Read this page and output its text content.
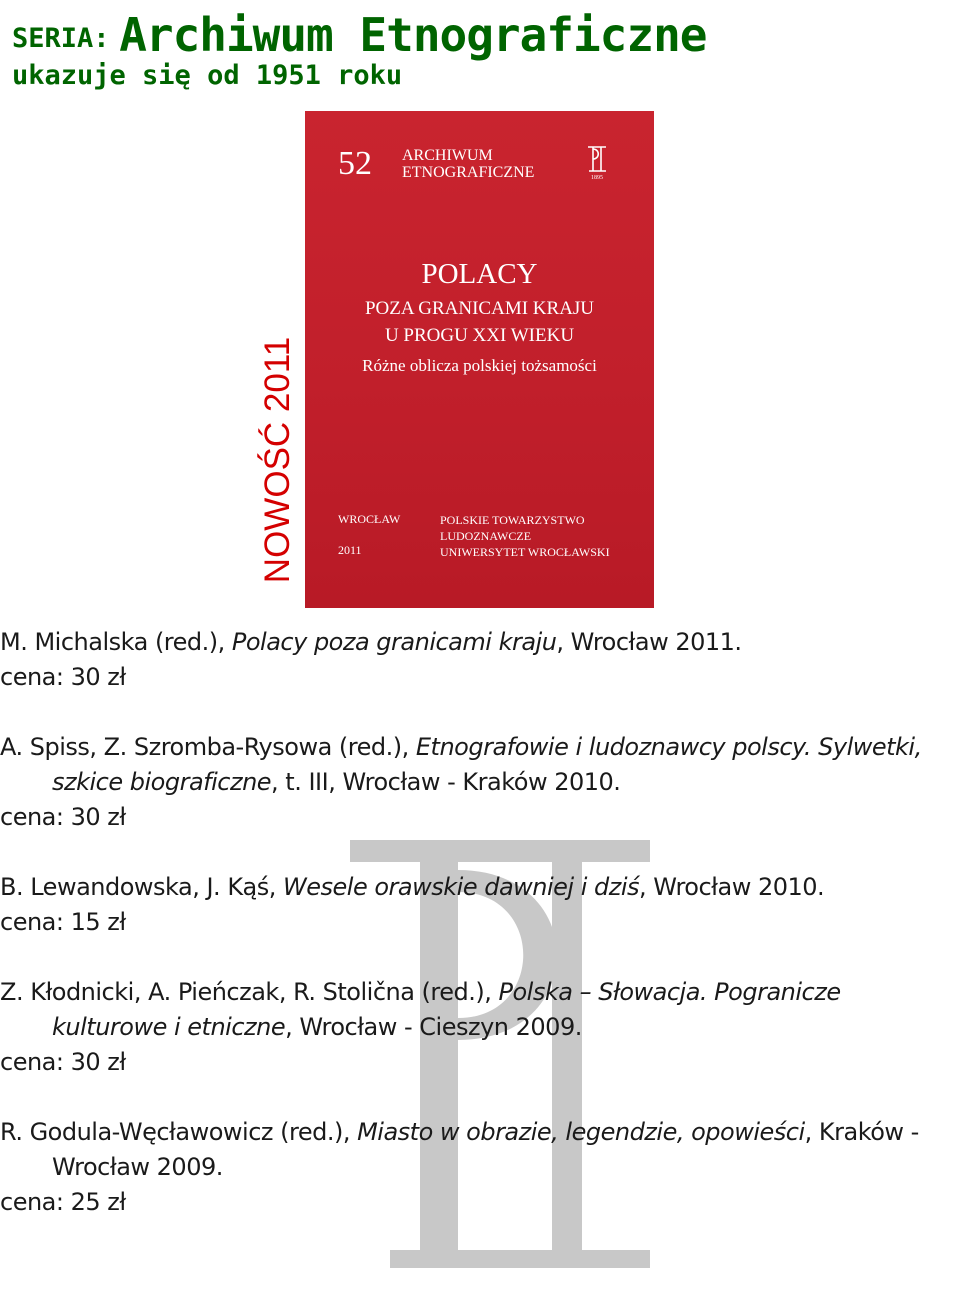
SERIA: Archiwum Etnograficzne
ukazuje się od 1951 roku
NOWOŚĆ 2011
52 ARCHIWUM
ETNOGRAFICZNE	1895
POLACY
POZA GRANICAMI KRAJU
U PROGU XXI WIEKU
Różne oblicza polskiej tożsamości
WROCŁAW
2011
POLSKIE TOWARZYSTWO
LUDOZNAWCZE
UNIWERSYTET WROCŁAWSKI

M. Michalska (red.), Polacy poza granicami kraju, Wrocław 2011.
cena: 30 zł

A. Spiss, Z. Szromba-Rysowa (red.), Etnografowie i ludoznawcy polscy. Sylwetki, szkice biograficzne, t. III, Wrocław - Kraków 2010.
cena: 30 zł

B. Lewandowska, J. Kąś, Wesele orawskie dawniej i dziś, Wrocław 2010.
cena: 15 zł

Z. Kłodnicki, A. Pieńczak, R. Stolična (red.), Polska – Słowacja. Pogranicze kulturowe i etniczne, Wrocław - Cieszyn 2009.
cena: 30 zł

R. Godula-Węcławowicz (red.), Miasto w obrazie, legendzie, opowieści, Kraków - Wrocław 2009.
cena: 25 zł
